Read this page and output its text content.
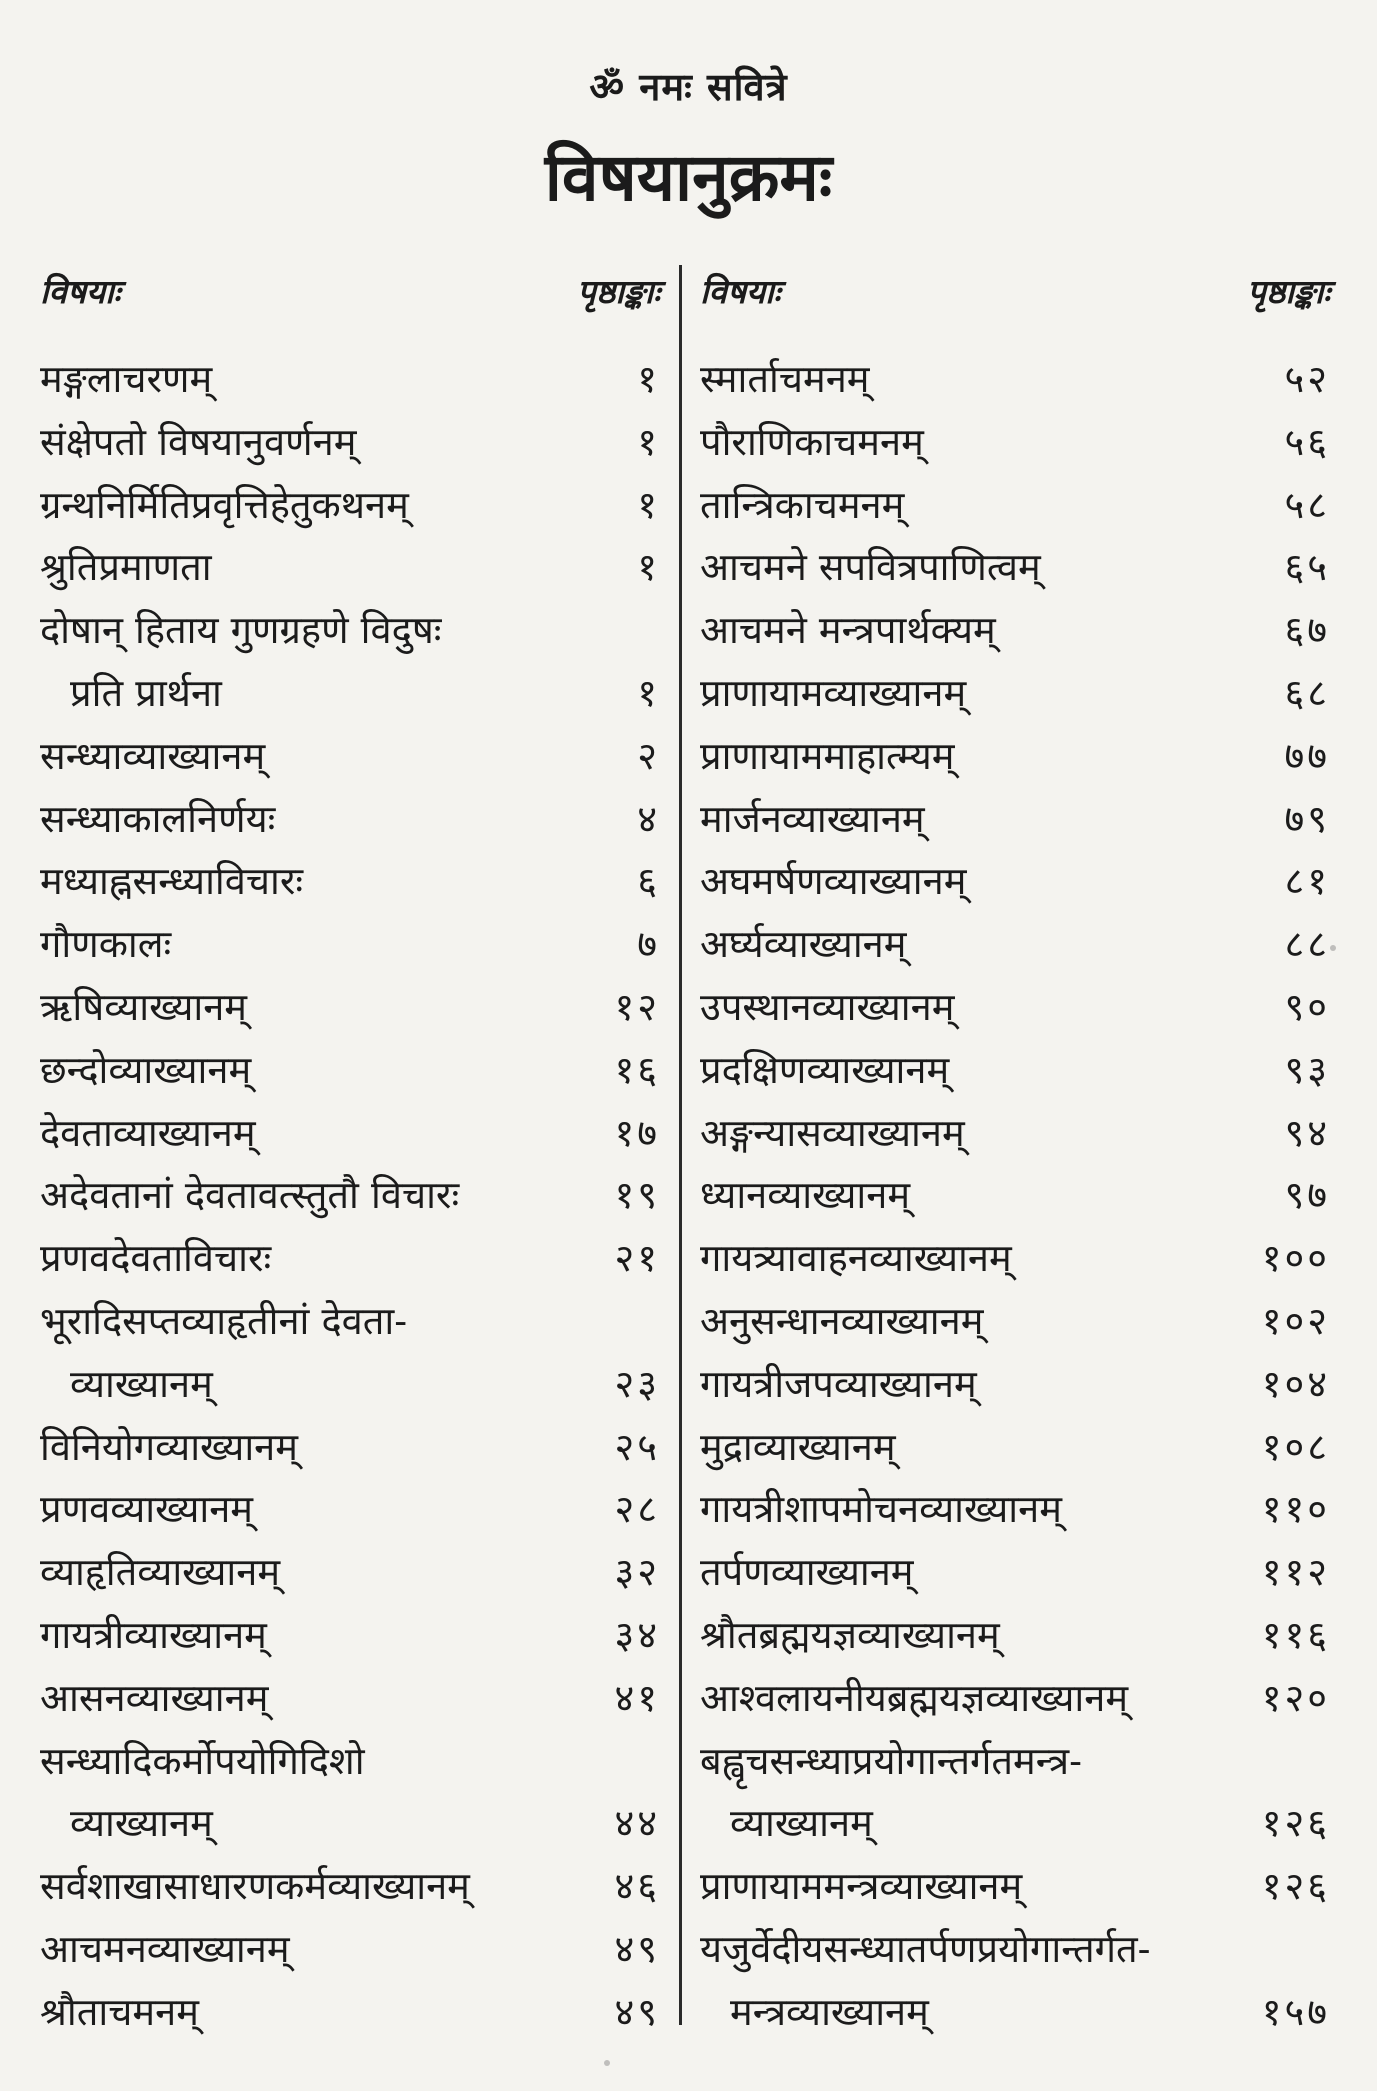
ॐ नमः सवित्रे
विषयानुक्रमः
विषयाः	पृष्ठाङ्काः
मङ्गलाचरणम्	१
संक्षेपतो विषयानुवर्णनम्	१
ग्रन्थनिर्मितिप्रवृत्तिहेतुकथनम्	१
श्रुतिप्रमाणता	१
दोषान् हिताय गुणग्रहणे विदुषः
प्रति प्रार्थना	१
सन्ध्याव्याख्यानम्	२
सन्ध्याकालनिर्णयः	४
मध्याह्नसन्ध्याविचारः	६
गौणकालः	७
ऋषिव्याख्यानम्	१२
छन्दोव्याख्यानम्	१६
देवताव्याख्यानम्	१७
अदेवतानां देवतावत्स्तुतौ विचारः	१९
प्रणवदेवताविचारः	२१
भूरादिसप्तव्याहृतीनां देवता-
व्याख्यानम्	२३
विनियोगव्याख्यानम्	२५
प्रणवव्याख्यानम्	२८
व्याहृतिव्याख्यानम्	३२
गायत्रीव्याख्यानम्	३४
आसनव्याख्यानम्	४१
सन्ध्यादिकर्मोपयोगिदिशो
व्याख्यानम्	४४
सर्वशाखासाधारणकर्मव्याख्यानम्	४६
आचमनव्याख्यानम्	४९
श्रौताचमनम्	४९
विषयाः	पृष्ठाङ्काः
स्मार्ताचमनम्	५२
पौराणिकाचमनम्	५६
तान्त्रिकाचमनम्	५८
आचमने सपवित्रपाणित्वम्	६५
आचमने मन्त्रपार्थक्यम्	६७
प्राणायामव्याख्यानम्	६८
प्राणायाममाहात्म्यम्	७७
मार्जनव्याख्यानम्	७९
अघमर्षणव्याख्यानम्	८१
अर्घ्यव्याख्यानम्	८८
उपस्थानव्याख्यानम्	९०
प्रदक्षिणव्याख्यानम्	९३
अङ्गन्यासव्याख्यानम्	९४
ध्यानव्याख्यानम्	९७
गायत्र्यावाहनव्याख्यानम्	१००
अनुसन्धानव्याख्यानम्	१०२
गायत्रीजपव्याख्यानम्	१०४
मुद्राव्याख्यानम्	१०८
गायत्रीशापमोचनव्याख्यानम्	११०
तर्पणव्याख्यानम्	११२
श्रौतब्रह्मयज्ञव्याख्यानम्	११६
आश्वलायनीयब्रह्मयज्ञव्याख्यानम्	१२०
बह्वृचसन्ध्याप्रयोगान्तर्गतमन्त्र-
व्याख्यानम्	१२६
प्राणायाममन्त्रव्याख्यानम्	१२६
यजुर्वेदीयसन्ध्यातर्पणप्रयोगान्तर्गत-
मन्त्रव्याख्यानम्	१५७
